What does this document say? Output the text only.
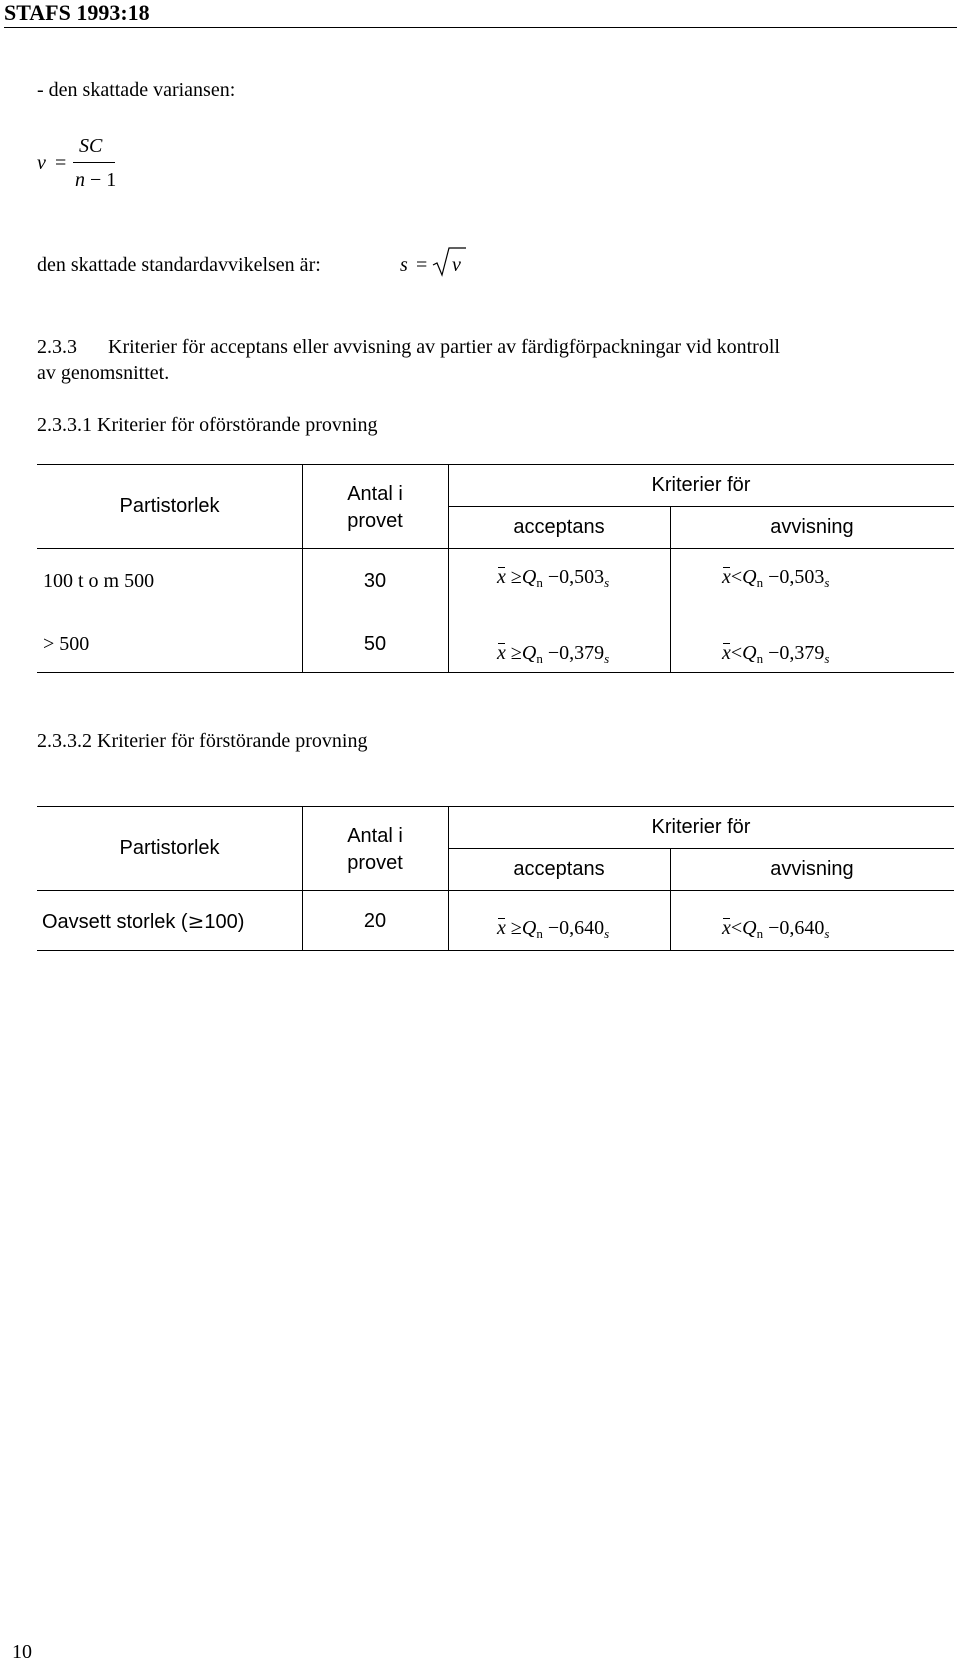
STAFS 1993:18
- den skattade variansen:
v =
SC
n − 1
den skattade standardavvikelsen är:	s = v
2.3.3 Kriterier för acceptans eller avvisning av partier av färdigförpackningar vid kontroll
av genomsnittet.
2.3.3.1 Kriterier för oförstörande provning
Partistorlek
Antal i
provet
Kriterier för
acceptans	avvisning
100 t o m 500	30	$x \ge Q_n -0,503_s$	$x<Q_n -0,503_s$
> 500	50	$x \ge Q_n -0,379_s$	$x<Q_n -0,379_s$
2.3.3.2 Kriterier för förstörande provning
Partistorlek
Antal i
provet
Kriterier för
acceptans	avvisning
Oavsett storlek (≥100)	20	$x \ge Q_n -0,640_s$	$x<Q_n -0,640_s$
10
